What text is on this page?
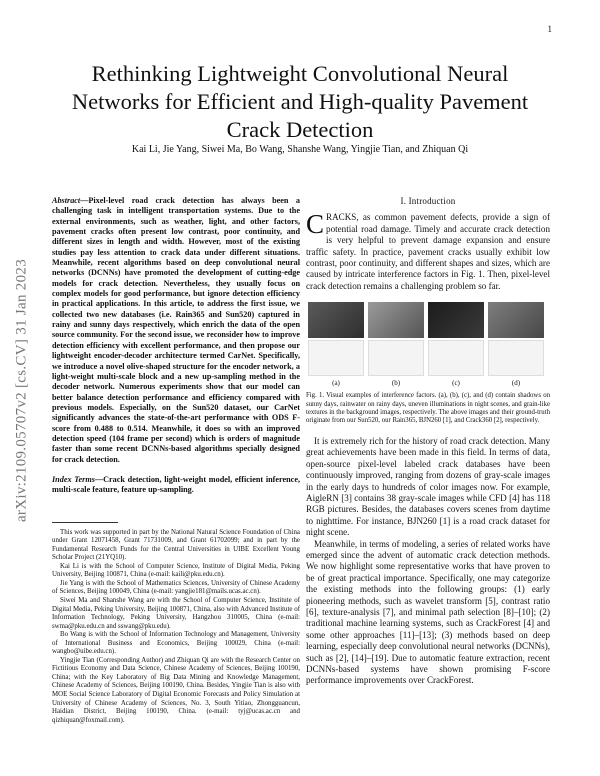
1
arXiv:2109.05707v2 [cs.CV] 31 Jan 2023
Rethinking Lightweight Convolutional Neural Networks for Efficient and High-quality Pavement Crack Detection
Kai Li, Jie Yang, Siwei Ma, Bo Wang, Shanshe Wang, Yingjie Tian, and Zhiquan Qi

Abstract—Pixel-level road crack detection has always been a challenging task in intelligent transportation systems. Due to the external environments, such as weather, light, and other factors, pavement cracks often present low contrast, poor continuity, and different sizes in length and width. However, most of the existing studies pay less attention to crack data under different situations. Meanwhile, recent algorithms based on deep convolutional neural networks (DCNNs) have promoted the development of cutting-edge models for crack detection. Nevertheless, they usually focus on complex models for good performance, but ignore detection efficiency in practical applications. In this article, to address the first issue, we collected two new databases (i.e. Rain365 and Sun520) captured in rainy and sunny days respectively, which enrich the data of the open source community. For the second issue, we reconsider how to improve detection efficiency with excellent performance, and then propose our lightweight encoder-decoder architecture termed CarNet. Specifically, we introduce a novel olive-shaped structure for the encoder network, a light-weight multi-scale block and a new up-sampling method in the decoder network. Numerous experiments show that our model can better balance detection performance and efficiency compared with previous models. Especially, on the Sun520 dataset, our CarNet significantly advances the state-of-the-art performance with ODS F-score from 0.488 to 0.514. Meanwhile, it does so with an improved detection speed (104 frame per second) which is orders of magnitude faster than some recent DCNNs-based algorithms specially designed for crack detection.

Index Terms—Crack detection, light-weight model, efficient inference, multi-scale feature, feature up-sampling.

This work was supported in part by the National Natural Science Foundation of China under Grant 12071458, Grant 71731009, and Grant 61702099; and in part by the Fundamental Research Funds for the Central Universities in UIBE Excellent Young Scholar Project (21YQ10).

Kai Li is with the School of Computer Science, Institute of Digital Media, Peking University, Beijing 100871, China (e-mail: kaili@pku.edu.cn).

Jie Yang is with the School of Mathematics Sciences, University of Chinese Academy of Sciences, Beijing 100049, China (e-mail: yangjie181@mails.ucas.ac.cn).

Siwei Ma and Shanshe Wang are with the School of Computer Science, Institute of Digital Media, Peking University, Beijing 100871, China, also with Advanced Institute of Information Technology, Peking University, Hangzhou 310005, China (e-mail: swma@pku.edu.cn and sswang@pku.edu).

Bo Wang is with the School of Information Technology and Management, University of International Business and Economics, Beijing 100029, China (e-mail: wangbo@uibe.edu.cn).

Yingjie Tian (Corresponding Author) and Zhiquan Qi are with the Research Center on Fictitious Economy and Data Science, Chinese Academy of Sciences, Beijing 100190, China; with the Key Laboratory of Big Data Mining and Knowledge Management, Chinese Academy of Sciences, Beijing 100190, China. Besides, Yingjie Tian is also with MOE Social Science Laboratory of Digital Economic Forecasts and Policy Simulation at University of Chinese Academy of Sciences, No. 3, South Yitiao, Zhongguancun, Haidian District, Beijing 100190, China. (e-mail: tyj@ucas.ac.cn and qizhiquan@foxmail.com).

I. Introduction

CRACKS, as common pavement defects, provide a sign of potential road damage. Timely and accurate crack detection is very helpful to prevent damage expansion and ensure traffic safety. In practice, pavement cracks usually exhibit low contrast, poor continuity, and different shapes and sizes, which are caused by intricate interference factors in Fig. 1. Then, pixel-level crack detection remains a challenging problem so far.

(a)	(b)	(c)	(d)

Fig. 1. Visual examples of interference factors. (a), (b), (c), and (d) contain shadows on sunny days, rainwater on rainy days, uneven illuminations in night scenes, and grain-like textures in the background images, respectively. The above images and their ground-truth originate from our Sun520, our Rain365, BJN260 [1], and Crack360 [2], respectively.

It is extremely rich for the history of road crack detection. Many great achievements have been made in this field. In terms of data, open-source pixel-level labeled crack databases have been continuously improved, ranging from dozens of gray-scale images in the early days to hundreds of color images now. For example, AigleRN [3] contains 38 gray-scale images while CFD [4] has 118 RGB pictures. Besides, the databases covers scenes from daytime to nighttime. For instance, BJN260 [1] is a road crack dataset for night scene.

Meanwhile, in terms of modeling, a series of related works have emerged since the advent of automatic crack detection methods. We now highlight some representative works that have proven to be of great practical importance. Specifically, one may categorize the existing methods into the following groups: (1) early pioneering methods, such as wavelet transform [5], contrast ratio [6], texture-analysis [7], and minimal path selection [8]–[10]; (2) traditional machine learning systems, such as CrackForest [4] and some other approaches [11]–[13]; (3) methods based on deep learning, especially deep convolutional neural networks (DCNNs), such as [2], [14]–[19]. Due to automatic feature extraction, recent DCNNs-based systems have shown promising F-score performance improvements over CrackForest.
